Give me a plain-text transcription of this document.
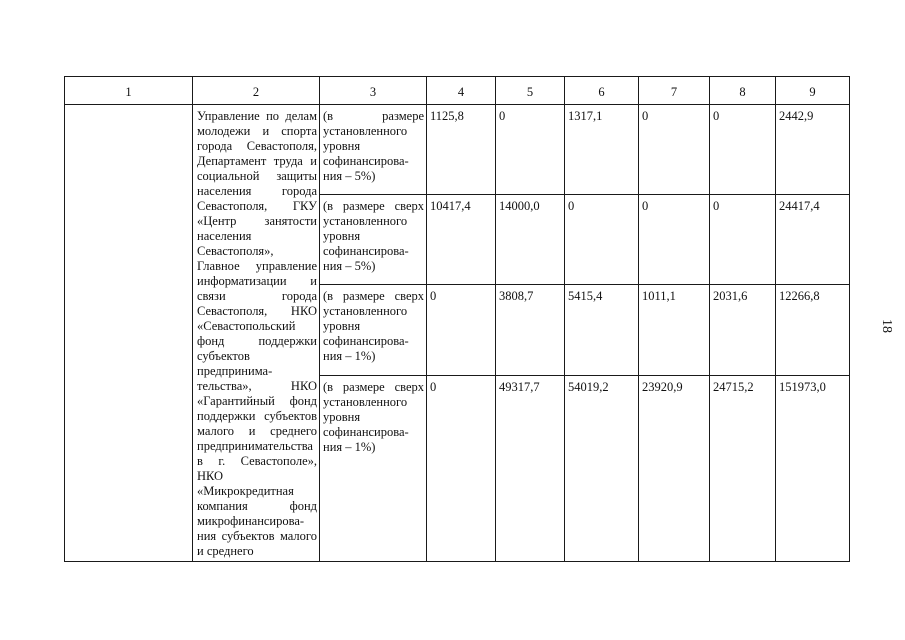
1	2	3	4	5	6	7	8	9
	Управление по делам молодежи и спорта города Севастополя, Департамент труда и социальной защиты населения города Севастополя, ГКУ «Центр занятости населения Севастополя», Главное управление информатизации и связи города Севастополя, НКО «Севастопольский фонд поддержки субъектов предпринима-тельства», НКО «Гарантийный фонд поддержки субъектов малого и среднего предпринимательства в г. Севастополе», НКО «Микрокредитная компания фонд микрофинансирова-ния субъектов малого и среднего	(в размере установленного уровня софинансирова-ния – 5%)	1125,8	0	1317,1	0	0	2442,9
		(в размере сверх установленного уровня софинансирова-ния – 5%)	10417,4	14000,0	0	0	0	24417,4
		(в размере сверх установленного уровня софинансирова-ния – 1%)	0	3808,7	5415,4	1011,1	2031,6	12266,8
		(в размере сверх установленного уровня софинансирова-ния – 1%)	0	49317,7	54019,2	23920,9	24715,2	151973,0
18
